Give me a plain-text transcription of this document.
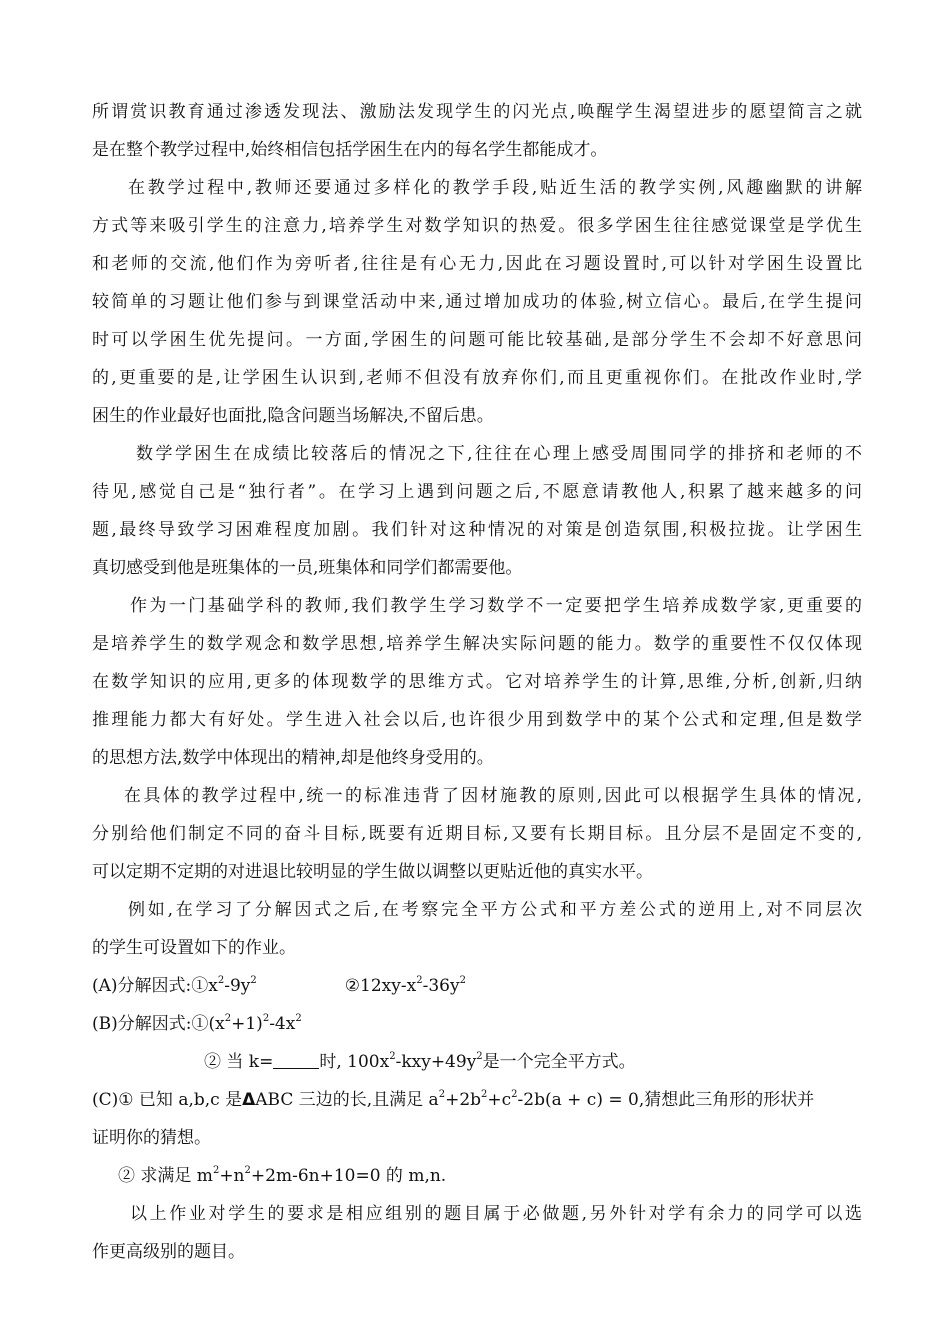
所谓赏识教育通过渗透发现法、激励法发现学生的闪光点,唤醒学生渴望进步的愿望简言之就
是在整个教学过程中,始终相信包括学困生在内的每名学生都能成才。
在教学过程中,教师还要通过多样化的教学手段,贴近生活的教学实例,风趣幽默的讲解
方式等来吸引学生的注意力,培养学生对数学知识的热爱。很多学困生往往感觉课堂是学优生
和老师的交流,他们作为旁听者,往往是有心无力,因此在习题设置时,可以针对学困生设置比
较简单的习题让他们参与到课堂活动中来,通过增加成功的体验,树立信心。最后,在学生提问
时可以学困生优先提问。一方面,学困生的问题可能比较基础,是部分学生不会却不好意思问
的,更重要的是,让学困生认识到,老师不但没有放弃你们,而且更重视你们。在批改作业时,学
困生的作业最好也面批,隐含问题当场解决,不留后患。
数学学困生在成绩比较落后的情况之下,往往在心理上感受周围同学的排挤和老师的不
待见,感觉自己是“独行者”。在学习上遇到问题之后,不愿意请教他人,积累了越来越多的问
题,最终导致学习困难程度加剧。我们针对这种情况的对策是创造氛围,积极拉拢。让学困生
真切感受到他是班集体的一员,班集体和同学们都需要他。
作为一门基础学科的教师,我们教学生学习数学不一定要把学生培养成数学家,更重要的
是培养学生的数学观念和数学思想,培养学生解决实际问题的能力。数学的重要性不仅仅体现
在数学知识的应用,更多的体现数学的思维方式。它对培养学生的计算,思维,分析,创新,归纳
推理能力都大有好处。学生进入社会以后,也许很少用到数学中的某个公式和定理,但是数学
的思想方法,数学中体现出的精神,却是他终身受用的。
在具体的教学过程中,统一的标准违背了因材施教的原则,因此可以根据学生具体的情况,
分别给他们制定不同的奋斗目标,既要有近期目标,又要有长期目标。且分层不是固定不变的,
可以定期不定期的对进退比较明显的学生做以调整以更贴近他的真实水平。
例如,在学习了分解因式之后,在考察完全平方公式和平方差公式的逆用上,对不同层次
的学生可设置如下的作业。
(A)分解因式$:①x^2-9y^2$	$②12xy-x^2-36y^2$
(B)分解因式$:①(x^2+1)^2-4x^2$
② 当 k=	时, $100x^2-kxy+49y^2$是一个完全平方式。
(C)① 已知 a,b,c 是ΔABC 三边的长,且满足 $a^2+2b^2+c^2-2b(a + c) = 0$,猜想此三角形的形状并
证明你的猜想。
② 求满足 $m^2+n^2+2m-6n+10=0$ 的 m,n.
以上作业对学生的要求是相应组别的题目属于必做题,另外针对学有余力的同学可以选
作更高级别的题目。
